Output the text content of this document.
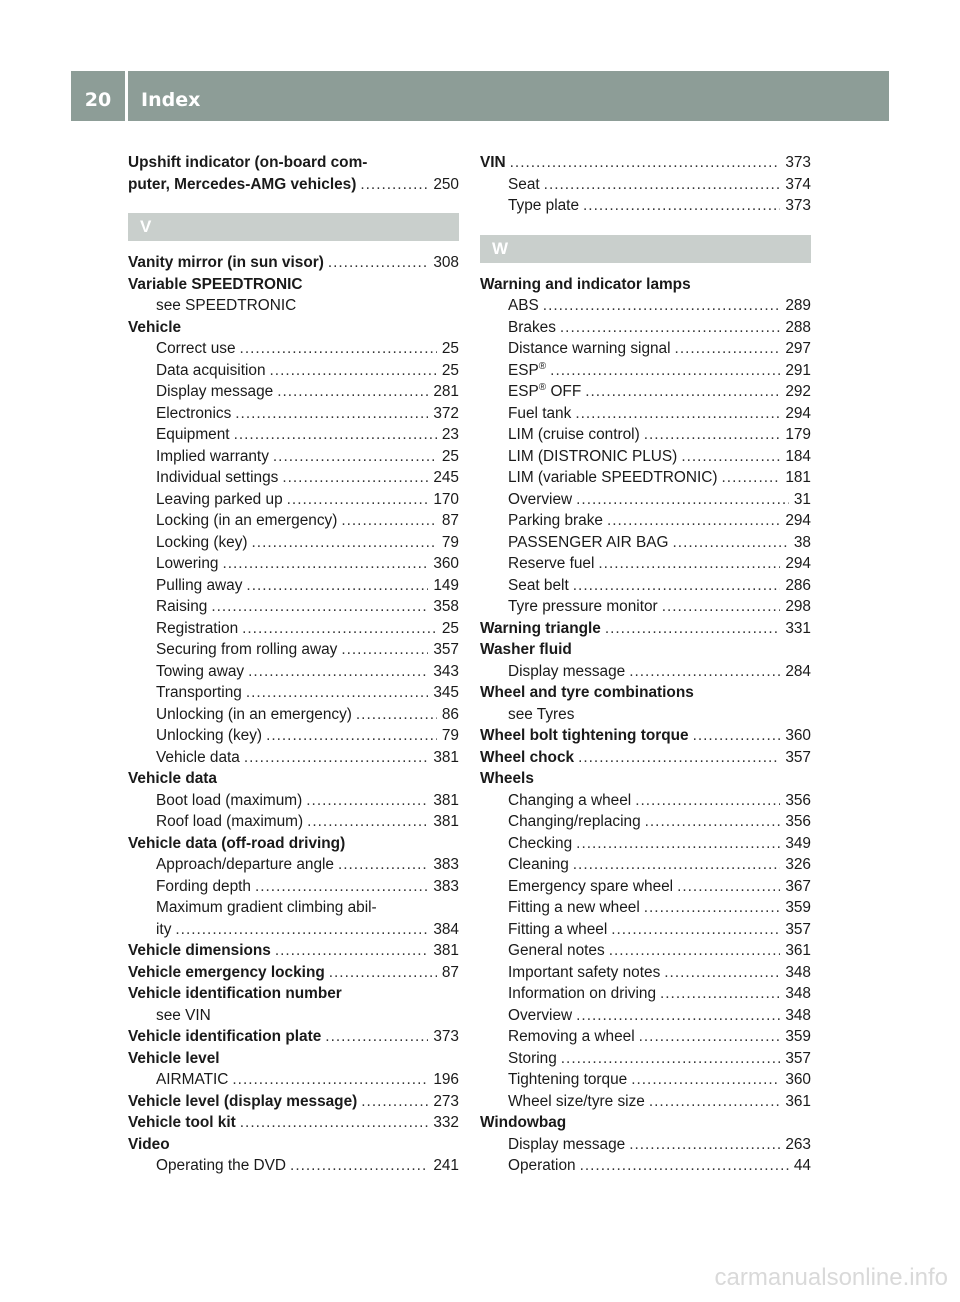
20	Index
Upshift indicator (on-board com-
puter, Mercedes-AMG vehicles) .....	250
V
Vanity mirror (in sun visor) .....	308
Variable SPEEDTRONIC
see SPEEDTRONIC
Vehicle
Correct use .....	25
Data acquisition .....	25
Display message .....	281
Electronics .....	372
Equipment .....	23
Implied warranty .....	25
Individual settings .....	245
Leaving parked up .....	170
Locking (in an emergency) .....	87
Locking (key) .....	79
Lowering .....	360
Pulling away .....	149
Raising .....	358
Registration .....	25
Securing from rolling away .....	357
Towing away .....	343
Transporting .....	345
Unlocking (in an emergency) .....	86
Unlocking (key) .....	79
Vehicle data .....	381
Vehicle data
Boot load (maximum) .....	381
Roof load (maximum) .....	381
Vehicle data (off-road driving)
Approach/departure angle .....	383
Fording depth .....	383
Maximum gradient climbing abil-
ity .....	384
Vehicle dimensions .....	381
Vehicle emergency locking .....	87
Vehicle identification number
see VIN
Vehicle identification plate .....	373
Vehicle level
AIRMATIC .....	196
Vehicle level (display message) .....	273
Vehicle tool kit .....	332
Video
Operating the DVD .....	241
VIN .....	373
Seat .....	374
Type plate .....	373
W
Warning and indicator lamps
ABS .....	289
Brakes .....	288
Distance warning signal .....	297
ESP® .....	291
ESP® OFF .....	292
Fuel tank .....	294
LIM (cruise control) .....	179
LIM (DISTRONIC PLUS) .....	184
LIM (variable SPEEDTRONIC) .....	181
Overview .....	31
Parking brake .....	294
PASSENGER AIR BAG .....	38
Reserve fuel .....	294
Seat belt .....	286
Tyre pressure monitor .....	298
Warning triangle .....	331
Washer fluid
Display message .....	284
Wheel and tyre combinations
see Tyres
Wheel bolt tightening torque .....	360
Wheel chock .....	357
Wheels
Changing a wheel .....	356
Changing/replacing .....	356
Checking .....	349
Cleaning .....	326
Emergency spare wheel .....	367
Fitting a new wheel .....	359
Fitting a wheel .....	357
General notes .....	361
Important safety notes .....	348
Information on driving .....	348
Overview .....	348
Removing a wheel .....	359
Storing .....	357
Tightening torque .....	360
Wheel size/tyre size .....	361
Windowbag
Display message .....	263
Operation .....	44
carmanualsonline.info
